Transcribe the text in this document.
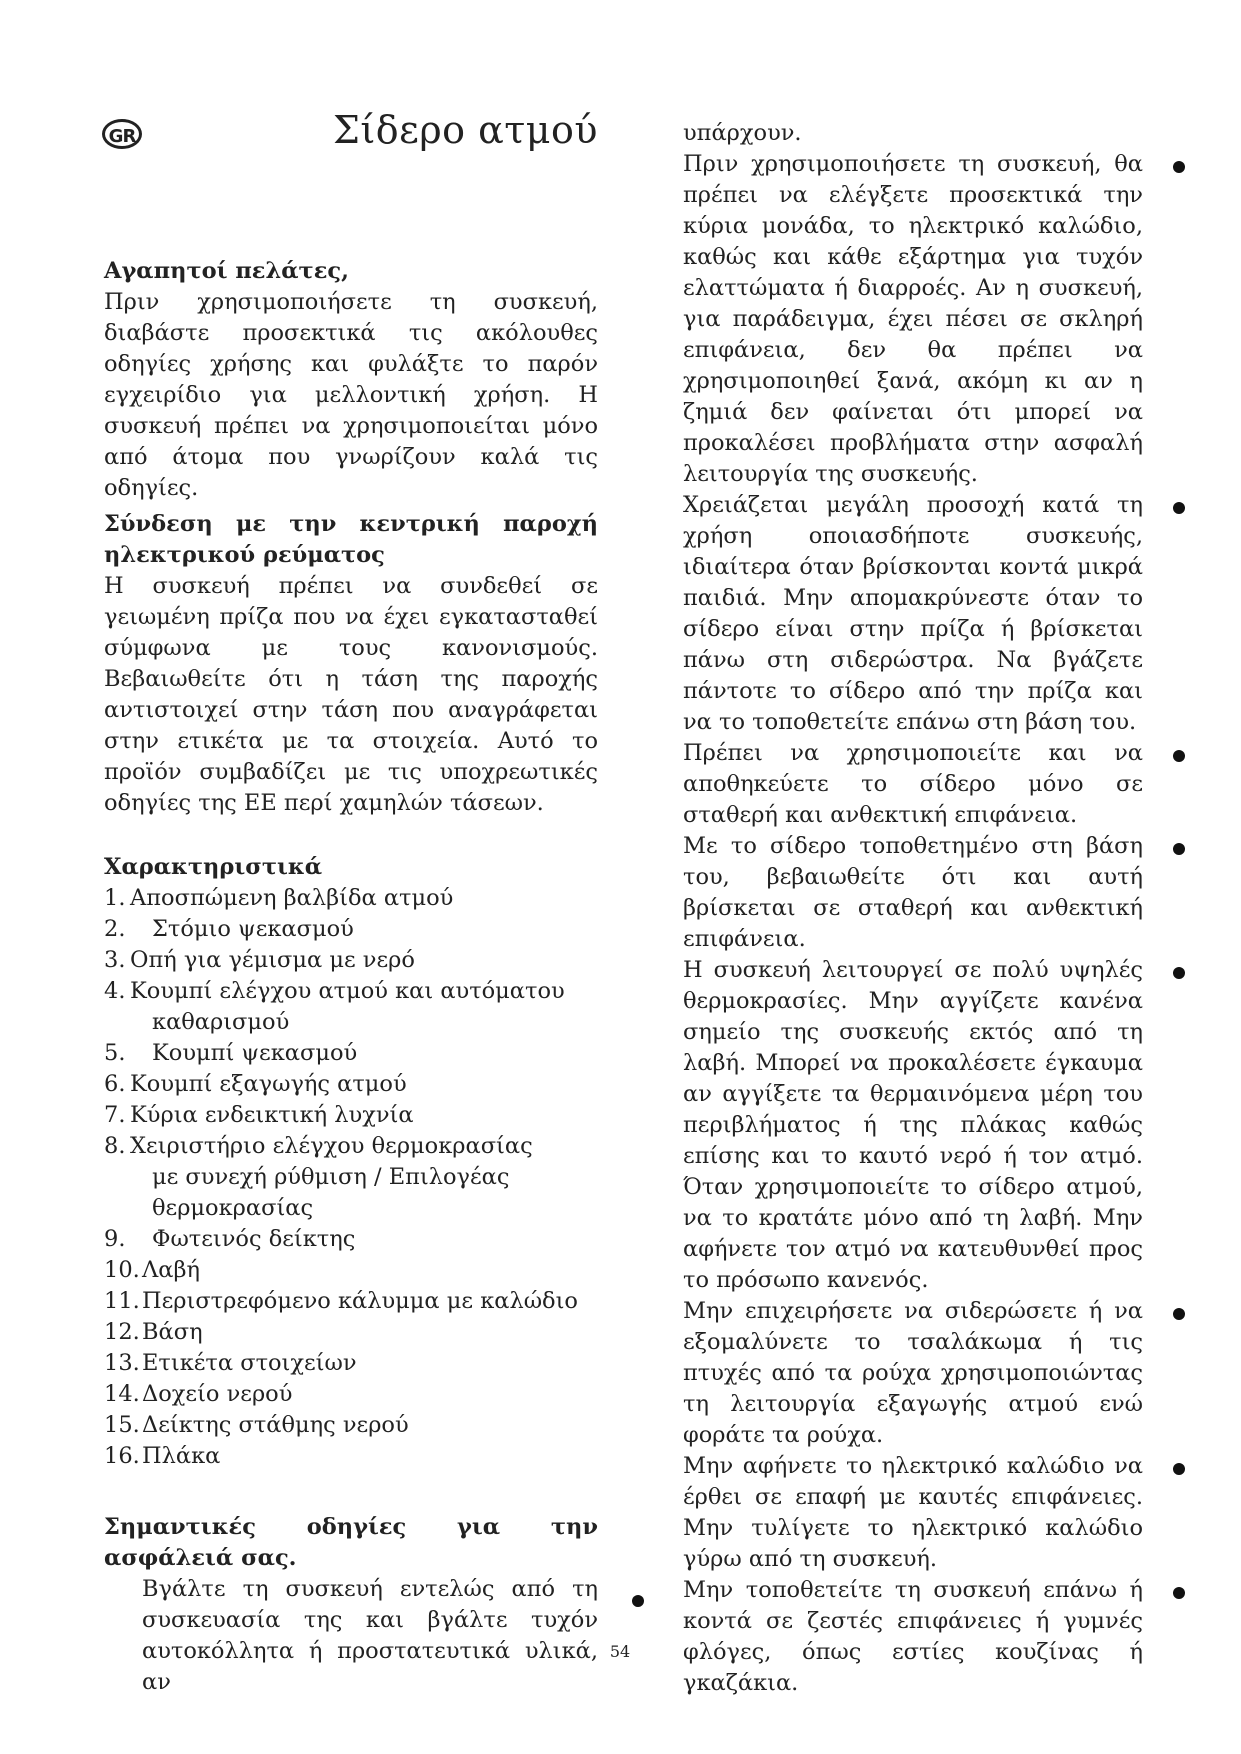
GR	Σίδερο ατμού

Αγαπητοί πελάτες,

Πριν χρησιμοποιήσετε τη συσκευή, διαβάστε προσεκτικά τις ακόλουθες οδηγίες χρήσης και φυλάξτε το παρόν εγχειρίδιο για μελλοντική χρήση. Η συσκευή πρέπει να χρησιμοποιείται μόνο από άτομα που γνωρίζουν καλά τις οδηγίες.

Σύνδεση με την κεντρική παροχή ηλεκτρικού ρεύματος

Η συσκευή πρέπει να συνδεθεί σε γειωμένη πρίζα που να έχει εγκατασταθεί σύμφωνα με τους κανονισμούς. Βεβαιωθείτε ότι η τάση της παροχής αντιστοιχεί στην τάση που αναγράφεται στην ετικέτα με τα στοιχεία. Αυτό το προϊόν συμβαδίζει με τις υποχρεωτικές οδηγίες της ΕΕ περί χαμηλών τάσεων.

Χαρακτηριστικά

1. Αποσπώμενη βαλβίδα ατμού
2.	Στόμιο ψεκασμού
3. Οπή για γέμισμα με νερό
4. Κουμπί ελέγχου ατμού και αυτόματου
καθαρισμού
5.	Κουμπί ψεκασμού
6. Κουμπί εξαγωγής ατμού
7. Κύρια ενδεικτική λυχνία
8. Χειριστήριο ελέγχου θερμοκρασίας
με συνεχή ρύθμιση / Επιλογέας
θερμοκρασίας
9.	Φωτεινός δείκτης
10. Λαβή
11. Περιστρεφόμενο κάλυμμα με καλώδιο
12. Βάση
13. Ετικέτα στοιχείων
14. Δοχείο νερού
15. Δείκτης στάθμης νερού
16. Πλάκα

Σημαντικές οδηγίες για την ασφάλειά σας.

Βγάλτε τη συσκευή εντελώς από τη συσκευασία της και βγάλτε τυχόν αυτοκόλλητα ή προστατευτικά υλικά, αν

υπάρχουν.

Πριν χρησιμοποιήσετε τη συσκευή, θα πρέπει να ελέγξετε προσεκτικά την κύρια μονάδα, το ηλεκτρικό καλώδιο, καθώς και κάθε εξάρτημα για τυχόν ελαττώματα ή διαρροές. Αν η συσκευή, για παράδειγμα, έχει πέσει σε σκληρή επιφάνεια, δεν θα πρέπει να χρησιμοποιηθεί ξανά, ακόμη κι αν η ζημιά δεν φαίνεται ότι μπορεί να προκαλέσει προβλήματα στην ασφαλή λειτουργία της συσκευής.
Χρειάζεται μεγάλη προσοχή κατά τη χρήση οποιασδήποτε συσκευής, ιδιαίτερα όταν βρίσκονται κοντά μικρά παιδιά. Μην απομακρύνεστε όταν το σίδερο είναι στην πρίζα ή βρίσκεται πάνω στη σιδερώστρα. Να βγάζετε πάντοτε το σίδερο από την πρίζα και να το τοποθετείτε επάνω στη βάση του.
Πρέπει να χρησιμοποιείτε και να αποθηκεύετε το σίδερο μόνο σε σταθερή και ανθεκτική επιφάνεια.
Με το σίδερο τοποθετημένο στη βάση του, βεβαιωθείτε ότι και αυτή βρίσκεται σε σταθερή και ανθεκτική επιφάνεια.
Η συσκευή λειτουργεί σε πολύ υψηλές θερμοκρασίες. Μην αγγίζετε κανένα σημείο της συσκευής εκτός από τη λαβή. Μπορεί να προκαλέσετε έγκαυμα αν αγγίξετε τα θερμαινόμενα μέρη του περιβλήματος ή της πλάκας καθώς επίσης και το καυτό νερό ή τον ατμό. Όταν χρησιμοποιείτε το σίδερο ατμού, να το κρατάτε μόνο από τη λαβή. Μην αφήνετε τον ατμό να κατευθυνθεί προς το πρόσωπο κανενός.
Μην επιχειρήσετε να σιδερώσετε ή να εξομαλύνετε το τσαλάκωμα ή τις πτυχές από τα ρούχα χρησιμοποιώντας τη λειτουργία εξαγωγής ατμού ενώ φοράτε τα ρούχα.
Μην αφήνετε το ηλεκτρικό καλώδιο να έρθει σε επαφή με καυτές επιφάνειες. Μην τυλίγετε το ηλεκτρικό καλώδιο γύρω από τη συσκευή.
Μην τοποθετείτε τη συσκευή επάνω ή κοντά σε ζεστές επιφάνειες ή γυμνές φλόγες, όπως εστίες κουζίνας ή γκαζάκια.
54
